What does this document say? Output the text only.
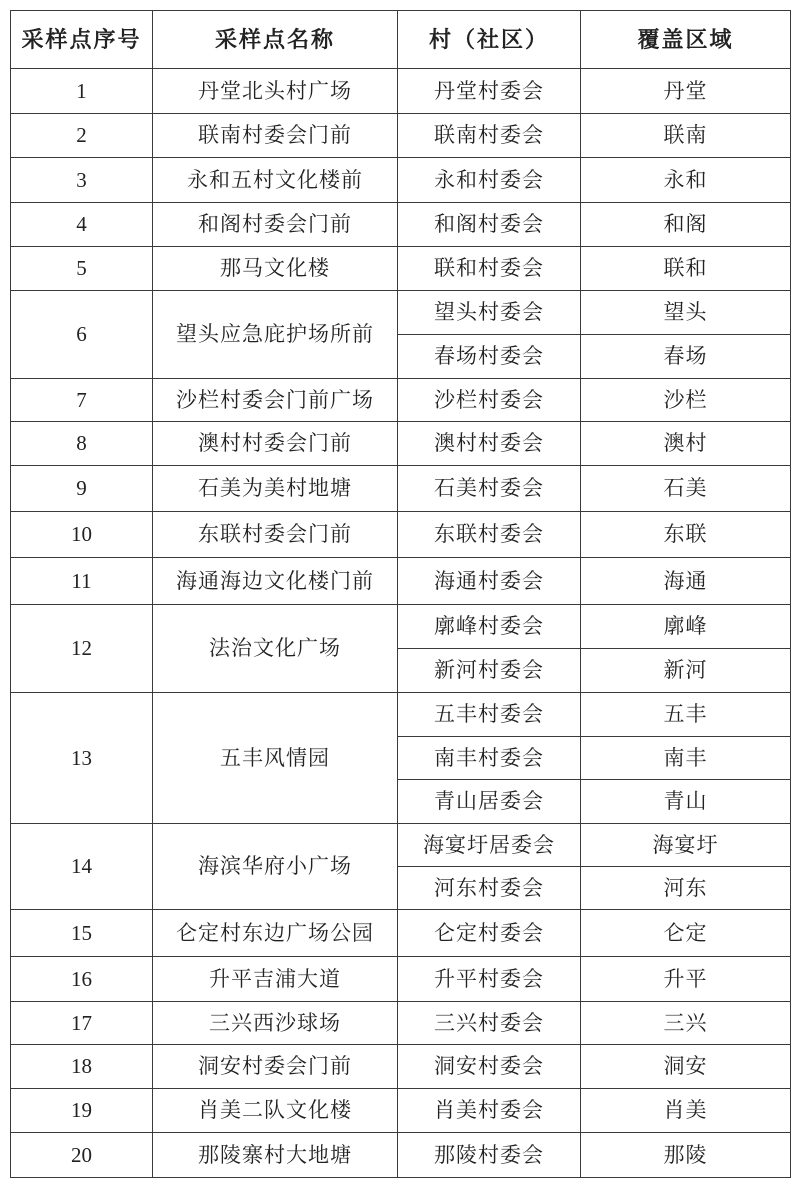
采样点序号	采样点名称	村（社区）	覆盖区域
1	丹堂北头村广场	丹堂村委会	丹堂
2	联南村委会门前	联南村委会	联南
3	永和五村文化楼前	永和村委会	永和
4	和阁村委会门前	和阁村委会	和阁
5	那马文化楼	联和村委会	联和
6	望头应急庇护场所前	望头村委会	望头
		春场村委会	春场
7	沙栏村委会门前广场	沙栏村委会	沙栏
8	澳村村委会门前	澳村村委会	澳村
9	石美为美村地塘	石美村委会	石美
10	东联村委会门前	东联村委会	东联
11	海通海边文化楼门前	海通村委会	海通
12	法治文化广场	廓峰村委会	廓峰
		新河村委会	新河
13	五丰风情园	五丰村委会	五丰
		南丰村委会	南丰
		青山居委会	青山
14	海滨华府小广场	海宴圩居委会	海宴圩
		河东村委会	河东
15	仑定村东边广场公园	仑定村委会	仑定
16	升平吉浦大道	升平村委会	升平
17	三兴西沙球场	三兴村委会	三兴
18	洞安村委会门前	洞安村委会	洞安
19	肖美二队文化楼	肖美村委会	肖美
20	那陵寨村大地塘	那陵村委会	那陵
